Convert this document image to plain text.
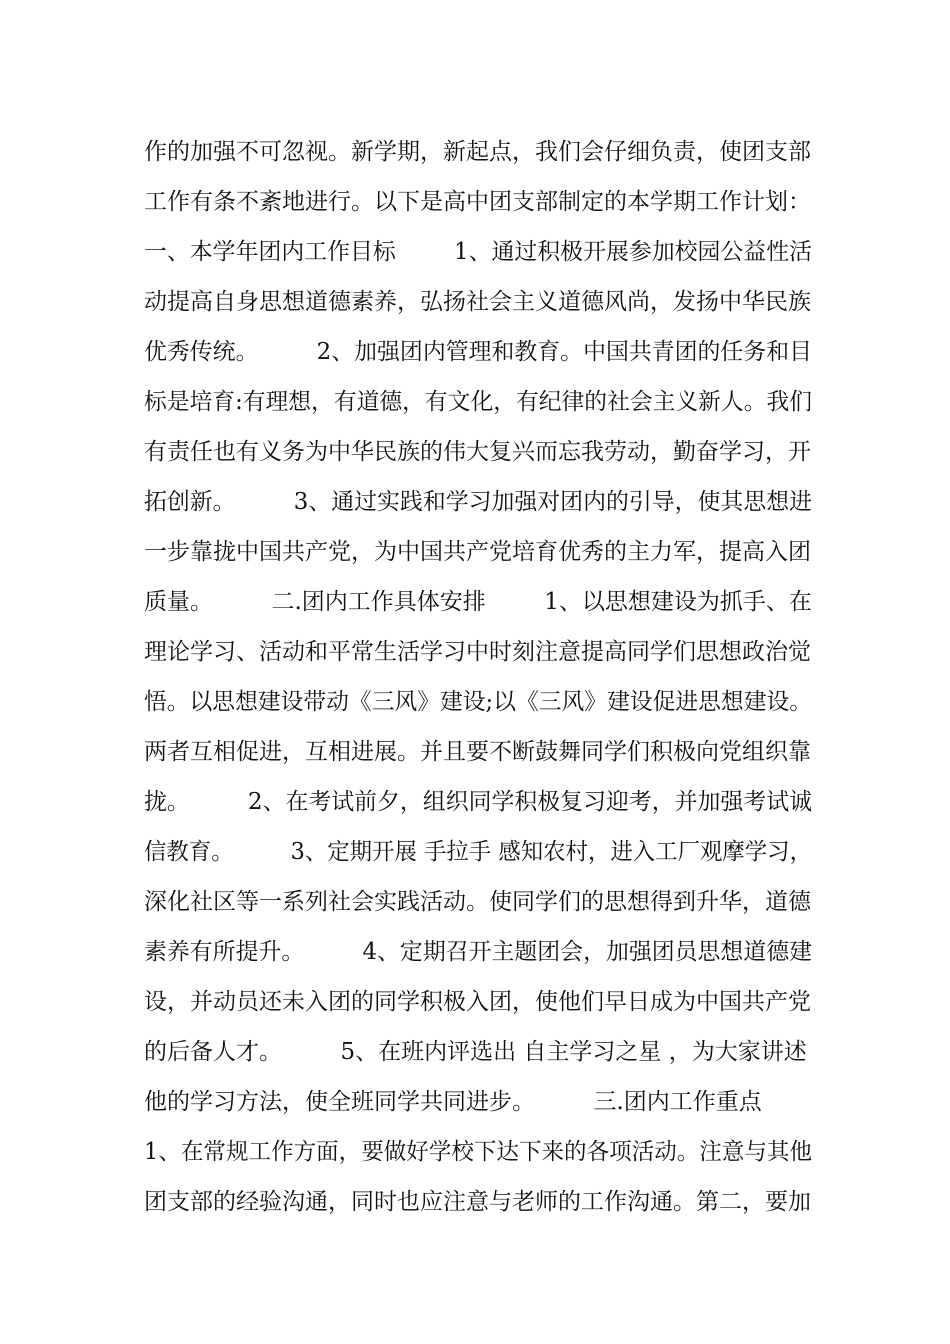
作的加强不可忽视。新学期，新起点，我们会仔细负责，使团支部
工作有条不紊地进行。以下是高中团支部制定的本学期工作计划：
一、本学年团内工作目标        1、通过积极开展参加校园公益性活
动提高自身思想道德素养，弘扬社会主义道德风尚，发扬中华民族
优秀传统。        2、加强团内管理和教育。中国共青团的任务和目
标是培育:有理想，有道德，有文化，有纪律的社会主义新人。我们
有责任也有义务为中华民族的伟大复兴而忘我劳动，勤奋学习，开
拓创新。        3、通过实践和学习加强对团内的引导，使其思想进
一步靠拢中国共产党，为中国共产党培育优秀的主力军，提高入团
质量。        二.团内工作具体安排        1、以思想建设为抓手、在
理论学习、活动和平常生活学习中时刻注意提高同学们思想政治觉
悟。以思想建设带动《三风》建设;以《三风》建设促进思想建设。
两者互相促进，互相进展。并且要不断鼓舞同学们积极向党组织靠
拢。        2、在考试前夕，组织同学积极复习迎考，并加强考试诚
信教育。        3、定期开展 手拉手 感知农村，进入工厂观摩学习，
深化社区等一系列社会实践活动。使同学们的思想得到升华，道德
素养有所提升。        4、定期召开主题团会，加强团员思想道德建
设，并动员还未入团的同学积极入团，使他们早日成为中国共产党
的后备人才。        5、在班内评选出 自主学习之星 ，为大家讲述
他的学习方法，使全班同学共同进步。        三.团内工作重点
1、在常规工作方面，要做好学校下达下来的各项活动。注意与其他
团支部的经验沟通，同时也应注意与老师的工作沟通。第二，要加
